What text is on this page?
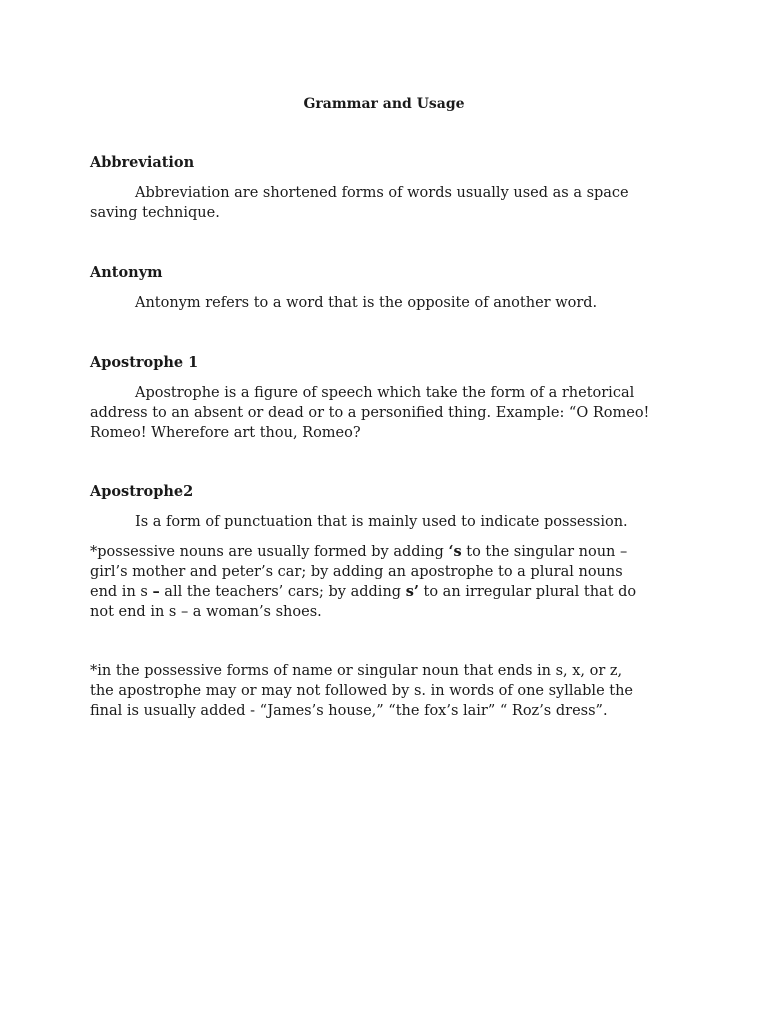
Grammar and Usage
Abbreviation

Abbreviation are shortened forms of words usually used as a space saving technique.

Antonym

Antonym refers to a word that is the opposite of another word.

Apostrophe 1

Apostrophe is a figure of speech which take the form of a rhetorical address to an absent or dead or to a personified thing. Example: “O Romeo! Romeo! Wherefore art thou, Romeo?

Apostrophe2

Is a form of punctuation that is mainly used to indicate possession.

*possessive nouns are usually formed by adding ‘s to the singular noun – girl’s mother and peter’s car; by adding an apostrophe to a plural nouns end in s – all the teachers’ cars; by adding s’ to an irregular plural that do not end in s – a woman’s shoes.

*in the possessive forms of name or singular noun that ends in s, x, or z, the apostrophe may or may not followed by s. in words of one syllable the final is usually added - “James’s house,” “the fox’s lair” “ Roz’s dress”.
